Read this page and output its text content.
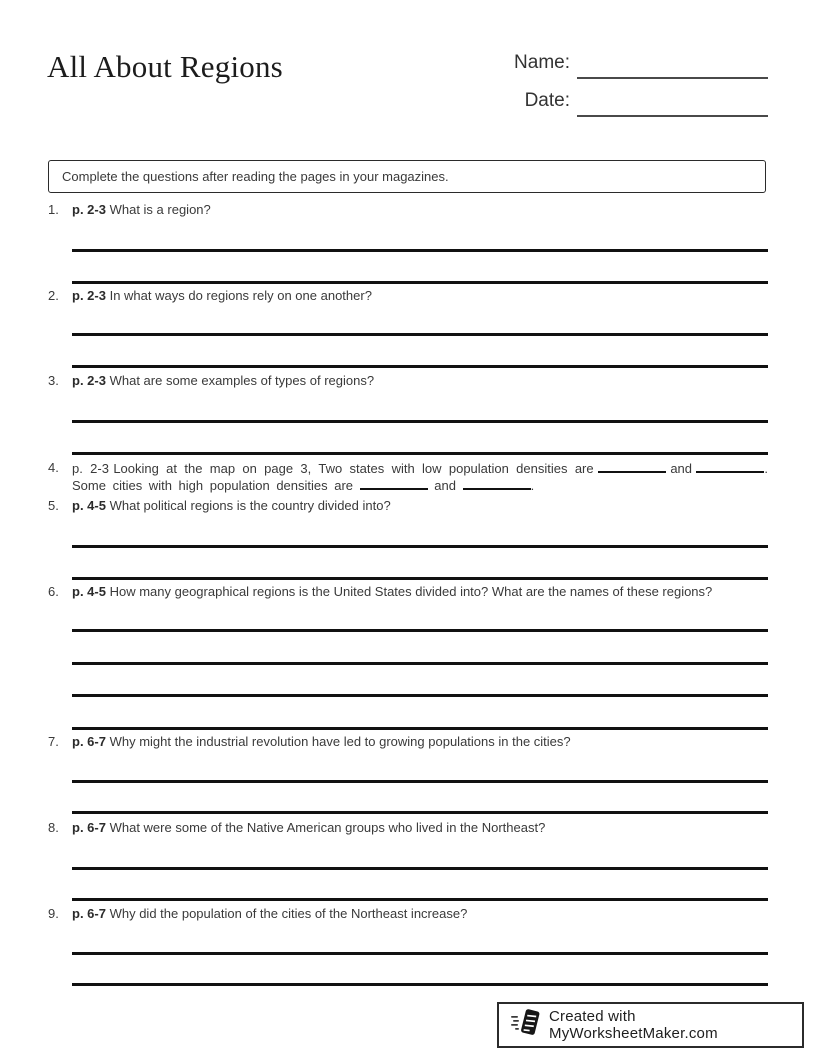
All About Regions	Name:
Date:
Complete the questions after reading the pages in your magazines.
1.	p. 2-3 What is a region?
2.	p. 2-3 In what ways do regions rely on one another?
3.	p. 2-3 What are some examples of types of regions?
4.	p. 2-3 Looking at the map on page 3, Two states with low population densities are	and	.
Some cities with high population densities are	and	.
5.	p. 4-5 What political regions is the country divided into?
6.	p. 4-5 How many geographical regions is the United States divided into? What are the names of these regions?
7.	p. 6-7 Why might the industrial revolution have led to growing populations in the cities?
8.	p. 6-7 What were some of the Native American groups who lived in the Northeast?
9.	p. 6-7 Why did the population of the cities of the Northeast increase?
Created with MyWorksheetMaker.com
